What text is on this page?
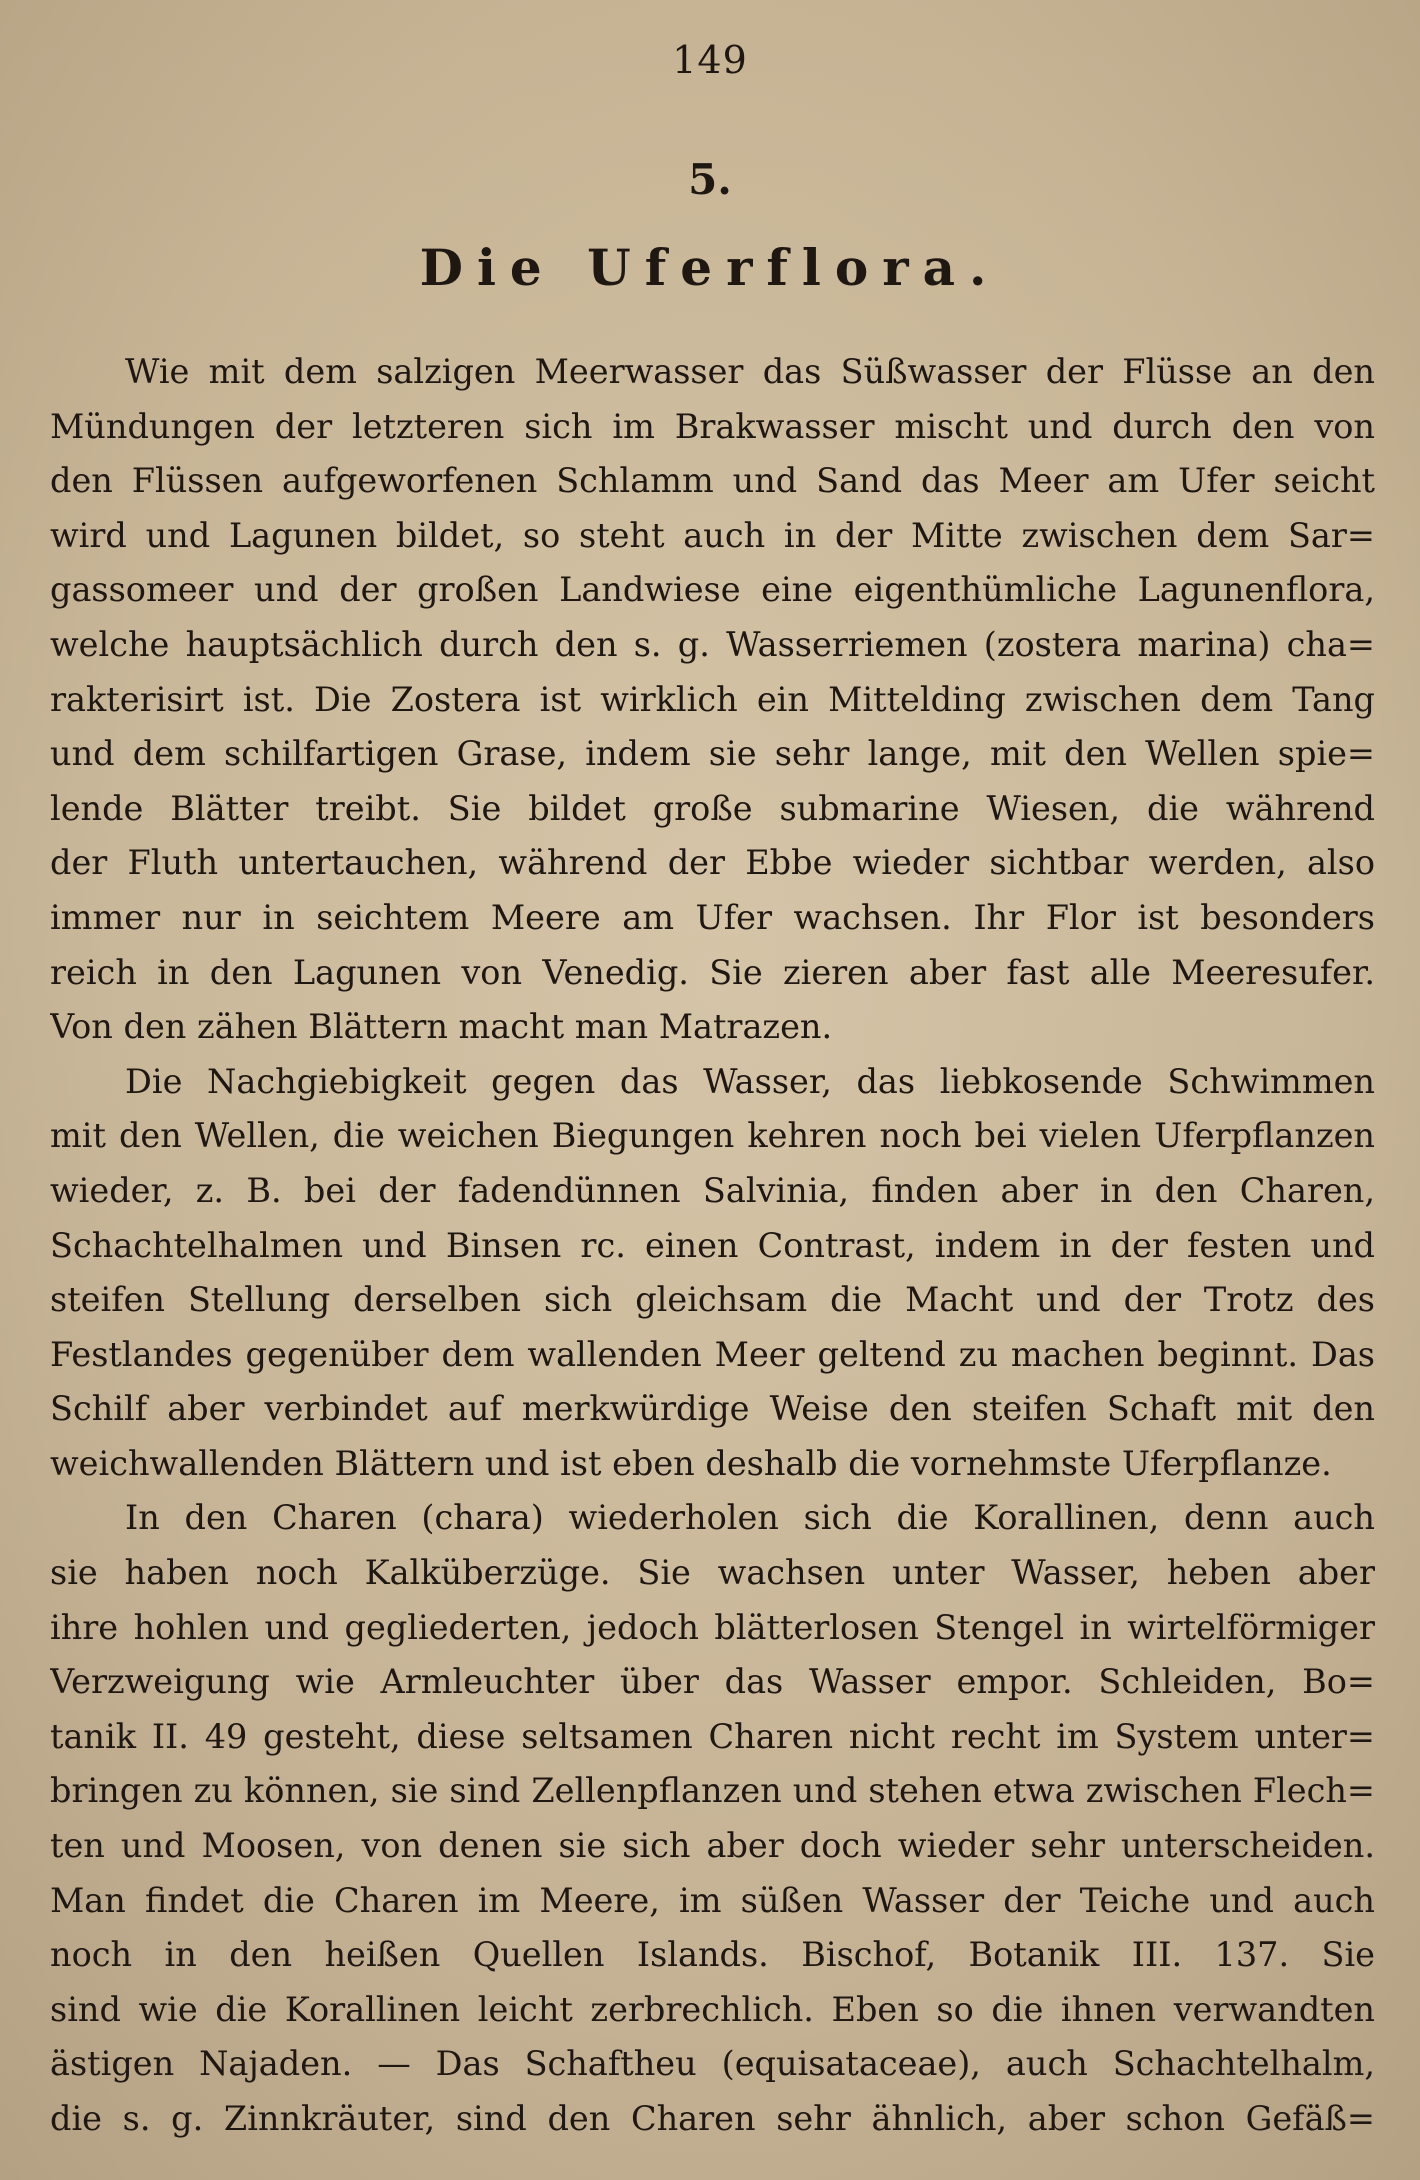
149
5.
Die Uferflora.
Wie mit dem salzigen Meerwasser das Süßwasser der Flüsse an den
Mündungen der letzteren sich im Brakwasser mischt und durch den von
den Flüssen aufgeworfenen Schlamm und Sand das Meer am Ufer seicht
wird und Lagunen bildet, so steht auch in der Mitte zwischen dem Sar=
gassomeer und der großen Landwiese eine eigenthümliche Lagunenflora,
welche hauptsächlich durch den s. g. Wasserriemen (zostera marina) cha=
rakterisirt ist. Die Zostera ist wirklich ein Mittelding zwischen dem Tang
und dem schilfartigen Grase, indem sie sehr lange, mit den Wellen spie=
lende Blätter treibt. Sie bildet große submarine Wiesen, die während
der Fluth untertauchen, während der Ebbe wieder sichtbar werden, also
immer nur in seichtem Meere am Ufer wachsen. Ihr Flor ist besonders
reich in den Lagunen von Venedig. Sie zieren aber fast alle Meeresufer.
Von den zähen Blättern macht man Matrazen.
Die Nachgiebigkeit gegen das Wasser, das liebkosende Schwimmen
mit den Wellen, die weichen Biegungen kehren noch bei vielen Uferpflanzen
wieder, z. B. bei der fadendünnen Salvinia, finden aber in den Charen,
Schachtelhalmen und Binsen rc. einen Contrast, indem in der festen und
steifen Stellung derselben sich gleichsam die Macht und der Trotz des
Festlandes gegenüber dem wallenden Meer geltend zu machen beginnt. Das
Schilf aber verbindet auf merkwürdige Weise den steifen Schaft mit den
weichwallenden Blättern und ist eben deshalb die vornehmste Uferpflanze.
In den Charen (chara) wiederholen sich die Korallinen, denn auch
sie haben noch Kalküberzüge. Sie wachsen unter Wasser, heben aber
ihre hohlen und gegliederten, jedoch blätterlosen Stengel in wirtelförmiger
Verzweigung wie Armleuchter über das Wasser empor. Schleiden, Bo=
tanik II. 49 gesteht, diese seltsamen Charen nicht recht im System unter=
bringen zu können, sie sind Zellenpflanzen und stehen etwa zwischen Flech=
ten und Moosen, von denen sie sich aber doch wieder sehr unterscheiden.
Man findet die Charen im Meere, im süßen Wasser der Teiche und auch
noch in den heißen Quellen Islands. Bischof, Botanik III. 137. Sie
sind wie die Korallinen leicht zerbrechlich. Eben so die ihnen verwandten
ästigen Najaden. — Das Schaftheu (equisataceae), auch Schachtelhalm,
die s. g. Zinnkräuter, sind den Charen sehr ähnlich, aber schon Gefäß=
